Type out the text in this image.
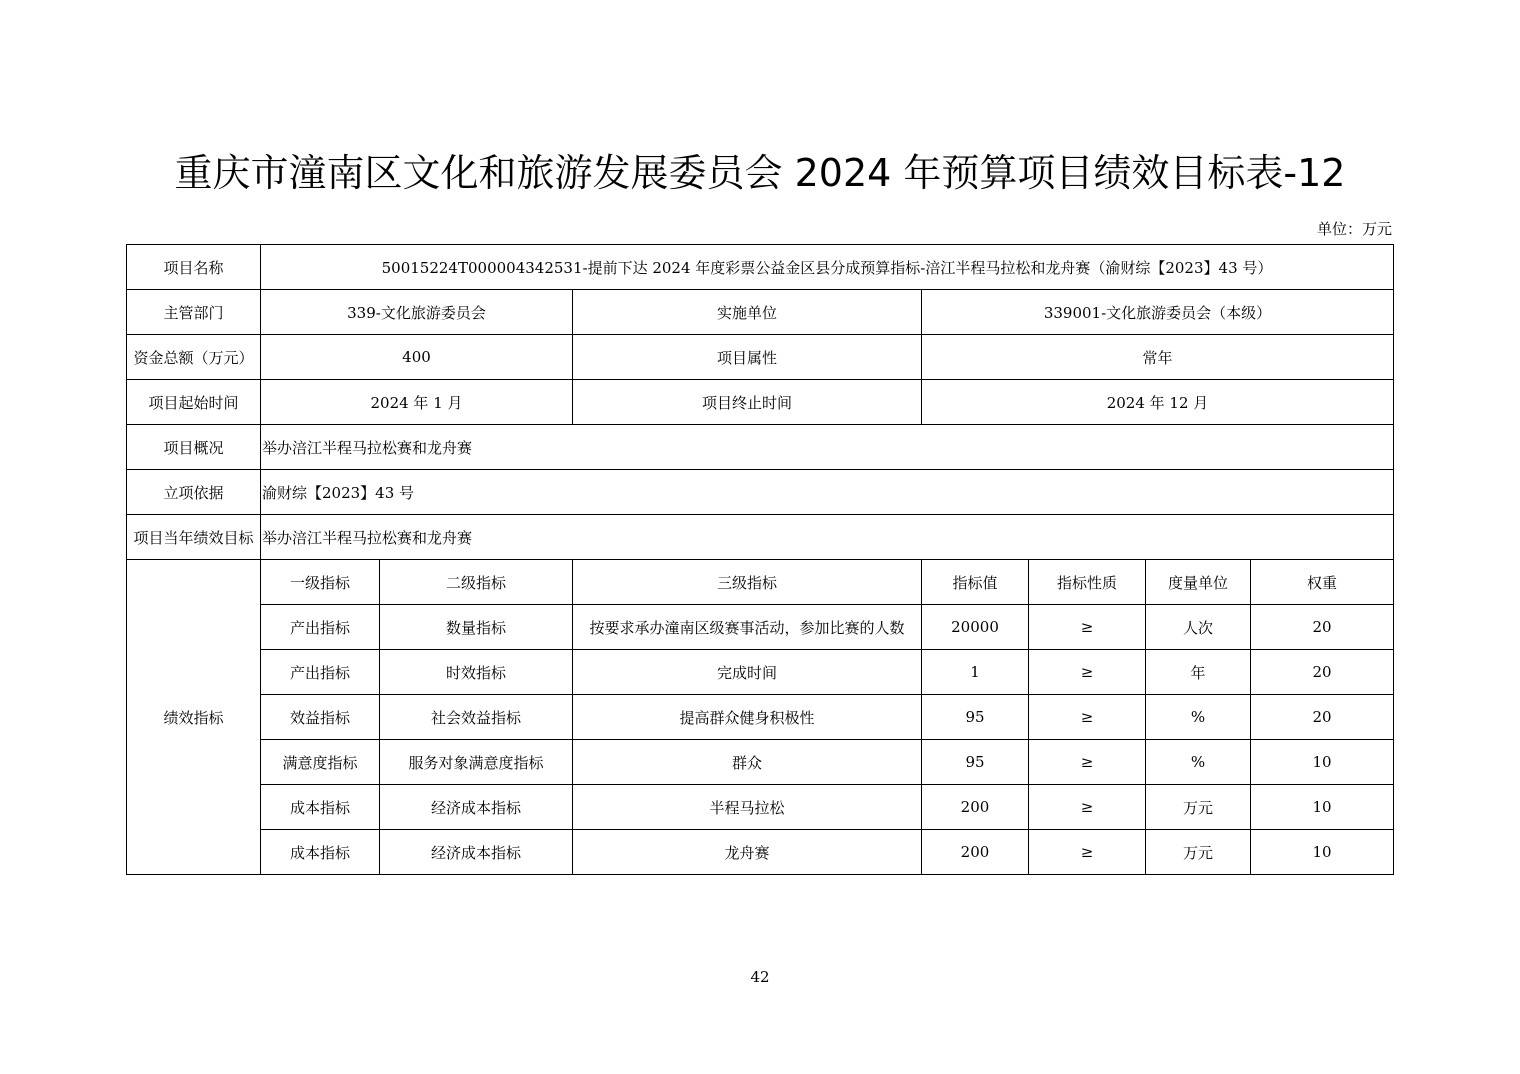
重庆市潼南区文化和旅游发展委员会 2024 年预算项目绩效目标表-12
单位：万元
项目名称	50015224T000004342531-提前下达 2024 年度彩票公益金区县分成预算指标-涪江半程马拉松和龙舟赛（渝财综【2023】43 号）						
主管部门	339-文化旅游委员会		实施单位	339001-文化旅游委员会（本级）			
资金总额（万元）	400		项目属性	常年			
项目起始时间	2024 年 1 月		项目终止时间	2024 年 12 月			
项目概况	举办涪江半程马拉松赛和龙舟赛						
立项依据	渝财综【2023】43 号						
项目当年绩效目标	举办涪江半程马拉松赛和龙舟赛						
绩效指标	一级指标	二级指标	三级指标	指标值	指标性质	度量单位	权重
	产出指标	数量指标	按要求承办潼南区级赛事活动，参加比赛的人数	20000	≥	人次	20
	产出指标	时效指标	完成时间	1	≥	年	20
	效益指标	社会效益指标	提高群众健身积极性	95	≥	%	20
	满意度指标	服务对象满意度指标	群众	95	≥	%	10
	成本指标	经济成本指标	半程马拉松	200	≥	万元	10
	成本指标	经济成本指标	龙舟赛	200	≥	万元	10
42
